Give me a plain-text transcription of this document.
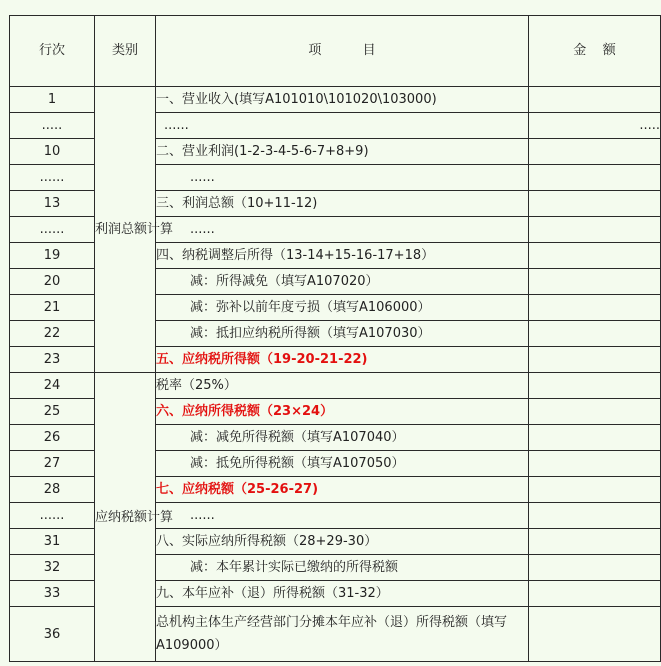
行次	类别	项          目	金    额
1	利润总额计算	一、营业收入(填写A101010\101020\103000)	
.....		......	.....
10		二、营业利润(1-2-3-4-5-6-7+8+9)	
......		......	
13		三、利润总额（10+11-12)	
......		......	
19		四、纳税调整后所得（13-14+15-16-17+18）	
20		减：所得减免（填写A107020）	
21		减：弥补以前年度亏损（填写A106000）	
22		减：抵扣应纳税所得额（填写A107030）	
23		五、应纳税所得额（19-20-21-22)	
24	应纳税额计算	税率（25%）	
25		六、应纳所得税额（23×24）	
26		减：减免所得税额（填写A107040）	
27		减：抵免所得税额（填写A107050）	
28		七、应纳税额（25-26-27)	
......		......	
31		八、实际应纳所得税额（28+29-30）	
32		减：本年累计实际已缴纳的所得税额	
33		九、本年应补（退）所得税额（31-32）	
36		总机构主体生产经营部门分摊本年应补（退）所得税额（填写A109000）	
